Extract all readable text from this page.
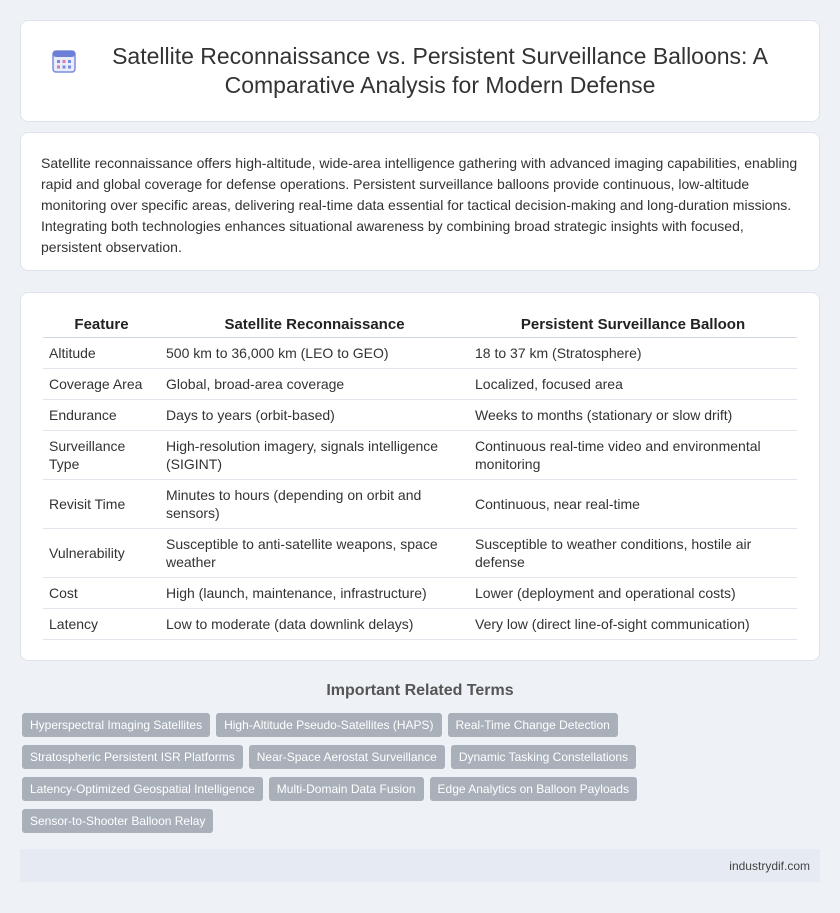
Satellite Reconnaissance vs. Persistent Surveillance Balloons: A Comparative Analysis for Modern Defense

Satellite reconnaissance offers high-altitude, wide-area intelligence gathering with advanced imaging capabilities, enabling rapid and global coverage for defense operations. Persistent surveillance balloons provide continuous, low-altitude monitoring over specific areas, delivering real-time data essential for tactical decision-making and long-duration missions. Integrating both technologies enhances situational awareness by combining broad strategic insights with focused, persistent observation.

Feature	Satellite Reconnaissance	Persistent Surveillance Balloon
Altitude	500 km to 36,000 km (LEO to GEO)	18 to 37 km (Stratosphere)
Coverage Area	Global, broad-area coverage	Localized, focused area
Endurance	Days to years (orbit-based)	Weeks to months (stationary or slow drift)
Surveillance Type	High-resolution imagery, signals intelligence (SIGINT)	Continuous real-time video and environmental monitoring
Revisit Time	Minutes to hours (depending on orbit and sensors)	Continuous, near real-time
Vulnerability	Susceptible to anti-satellite weapons, space weather	Susceptible to weather conditions, hostile air defense
Cost	High (launch, maintenance, infrastructure)	Lower (deployment and operational costs)
Latency	Low to moderate (data downlink delays)	Very low (direct line-of-sight communication)
Important Related Terms
Hyperspectral Imaging Satellites	High-Altitude Pseudo-Satellites (HAPS)	Real-Time Change Detection
Stratospheric Persistent ISR Platforms	Near-Space Aerostat Surveillance	Dynamic Tasking Constellations
Latency-Optimized Geospatial Intelligence	Multi-Domain Data Fusion	Edge Analytics on Balloon Payloads
Sensor-to-Shooter Balloon Relay
industrydif.com
